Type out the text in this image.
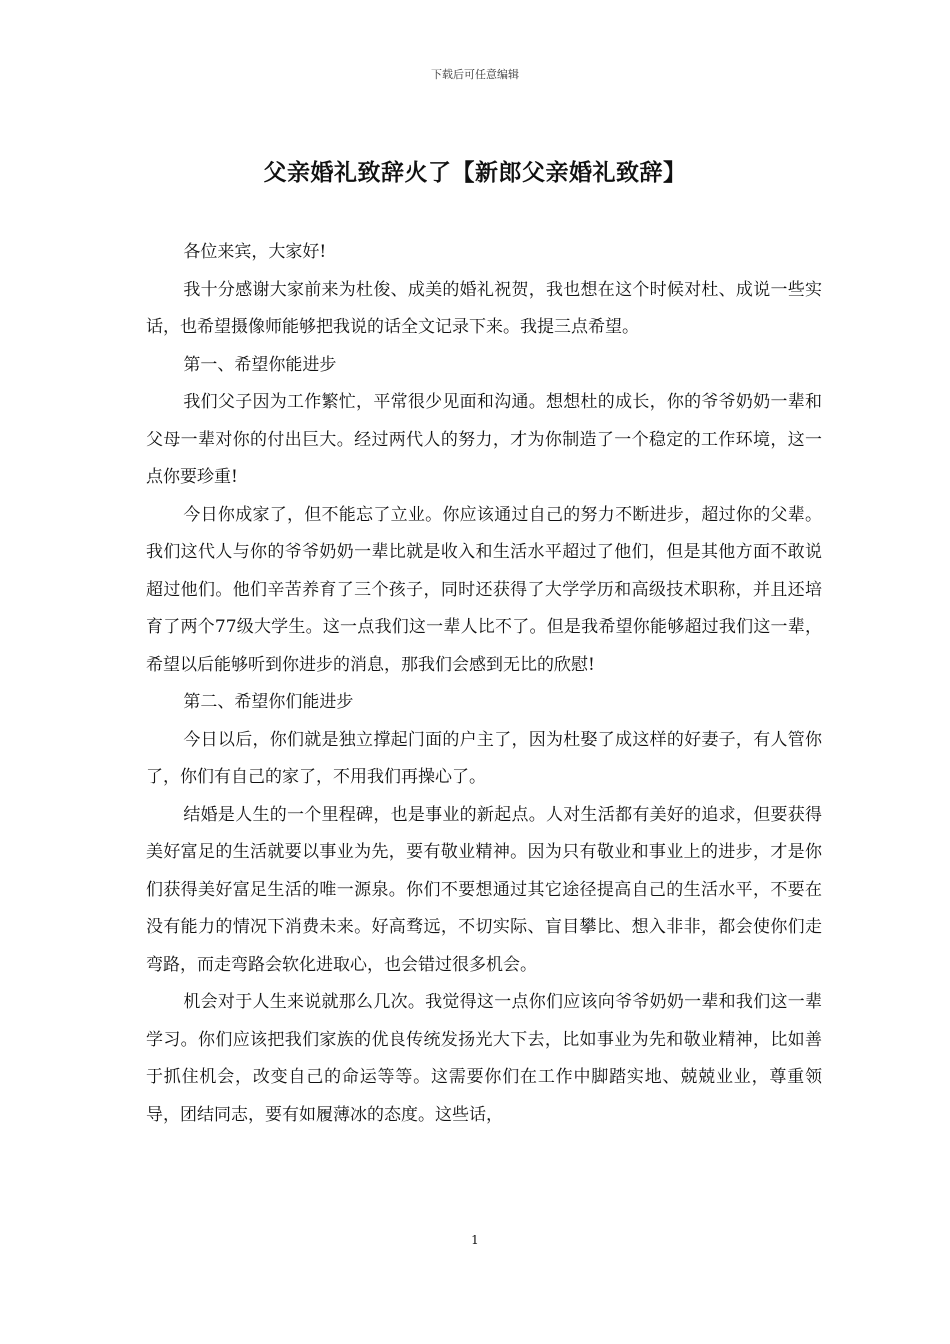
下载后可任意编辑
父亲婚礼致辞火了【新郎父亲婚礼致辞】

各位来宾，大家好!

我十分感谢大家前来为杜俊、成美的婚礼祝贺，我也想在这个时候对杜、成说一些实话，也希望摄像师能够把我说的话全文记录下来。我提三点希望。

第一、希望你能进步

我们父子因为工作繁忙，平常很少见面和沟通。想想杜的成长，你的爷爷奶奶一辈和父母一辈对你的付出巨大。经过两代人的努力，才为你制造了一个稳定的工作环境，这一点你要珍重!

今日你成家了，但不能忘了立业。你应该通过自己的努力不断进步，超过你的父辈。我们这代人与你的爷爷奶奶一辈比就是收入和生活水平超过了他们，但是其他方面不敢说超过他们。他们辛苦养育了三个孩子，同时还获得了大学学历和高级技术职称，并且还培育了两个77级大学生。这一点我们这一辈人比不了。但是我希望你能够超过我们这一辈，希望以后能够听到你进步的消息，那我们会感到无比的欣慰!

第二、希望你们能进步

今日以后，你们就是独立撑起门面的户主了，因为杜娶了成这样的好妻子，有人管你了，你们有自己的家了，不用我们再操心了。

结婚是人生的一个里程碑，也是事业的新起点。人对生活都有美好的追求，但要获得美好富足的生活就要以事业为先，要有敬业精神。因为只有敬业和事业上的进步，才是你们获得美好富足生活的唯一源泉。你们不要想通过其它途径提高自己的生活水平，不要在没有能力的情况下消费未来。好高骛远，不切实际、盲目攀比、想入非非，都会使你们走弯路，而走弯路会软化进取心，也会错过很多机会。

机会对于人生来说就那么几次。我觉得这一点你们应该向爷爷奶奶一辈和我们这一辈学习。你们应该把我们家族的优良传统发扬光大下去，比如事业为先和敬业精神，比如善于抓住机会，改变自己的命运等等。这需要你们在工作中脚踏实地、兢兢业业，尊重领导，团结同志，要有如履薄冰的态度。这些话，

1
